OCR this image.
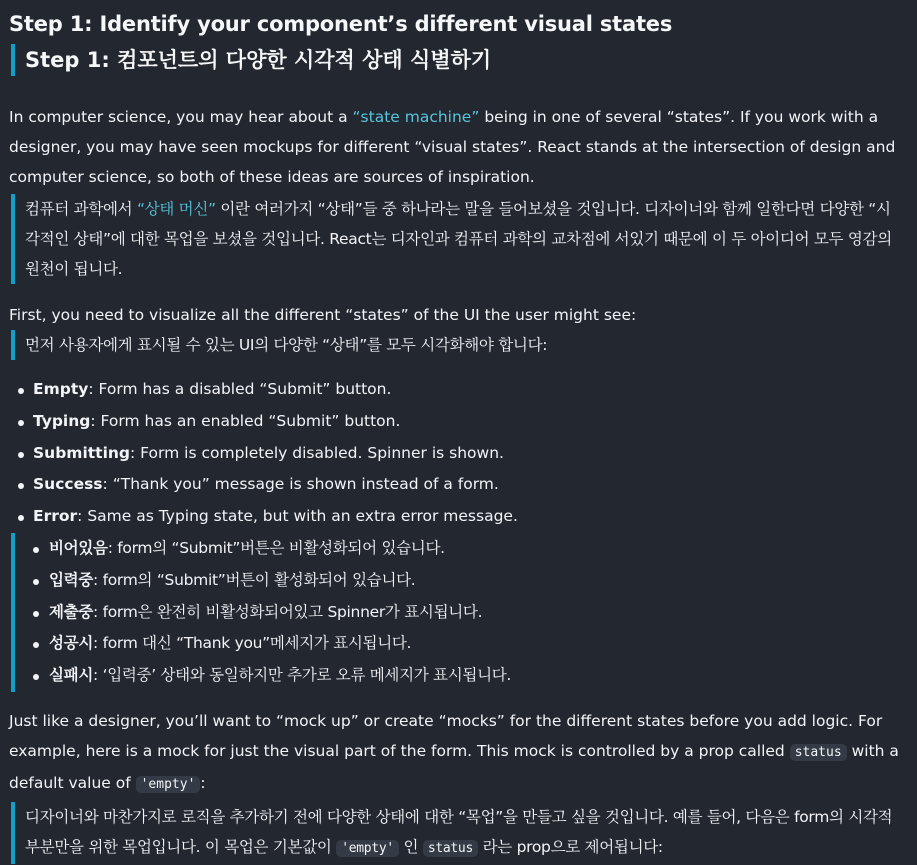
Step 1: Identify your component’s different visual states
Step 1: 컴포넌트의 다양한 시각적 상태 식별하기

In computer science, you may hear about a “state machine” being in one of several “states”. If you work with a designer, you may have seen mockups for different “visual states”. React stands at the intersection of design and computer science, so both of these ideas are sources of inspiration.

컴퓨터 과학에서 “상태 머신” 이란 여러가지 “상태”들 중 하나라는 말을 들어보셨을 것입니다. 디자이너와 함께 일한다면 다양한 “시각적인 상태”에 대한 목업을 보셨을 것입니다. React는 디자인과 컴퓨터 과학의 교차점에 서있기 때문에 이 두 아이디어 모두 영감의 원천이 됩니다.

First, you need to visualize all the different “states” of the UI the user might see:

먼저 사용자에게 표시될 수 있는 UI의 다양한 “상태”를 모두 시각화해야 합니다:

Empty: Form has a disabled “Submit” button.
Typing: Form has an enabled “Submit” button.
Submitting: Form is completely disabled. Spinner is shown.
Success: “Thank you” message is shown instead of a form.
Error: Same as Typing state, but with an extra error message.
비어있음: form의 “Submit”버튼은 비활성화되어 있습니다.
입력중: form의 “Submit”버튼이 활성화되어 있습니다.
제출중: form은 완전히 비활성화되어있고 Spinner가 표시됩니다.
성공시: form 대신 “Thank you”메세지가 표시됩니다.
실패시: ‘입력중’ 상태와 동일하지만 추가로 오류 메세지가 표시됩니다.

Just like a designer, you’ll want to “mock up” or create “mocks” for the different states before you add logic. For example, here is a mock for just the visual part of the form. This mock is controlled by a prop called status with a default value of 'empty' :

디자이너와 마찬가지로 로직을 추가하기 전에 다양한 상태에 대한 “목업”을 만들고 싶을 것입니다. 예를 들어, 다음은 form의 시각적 부분만을 위한 목업입니다. 이 목업은 기본값이 'empty' 인 status 라는 prop으로 제어됩니다:
